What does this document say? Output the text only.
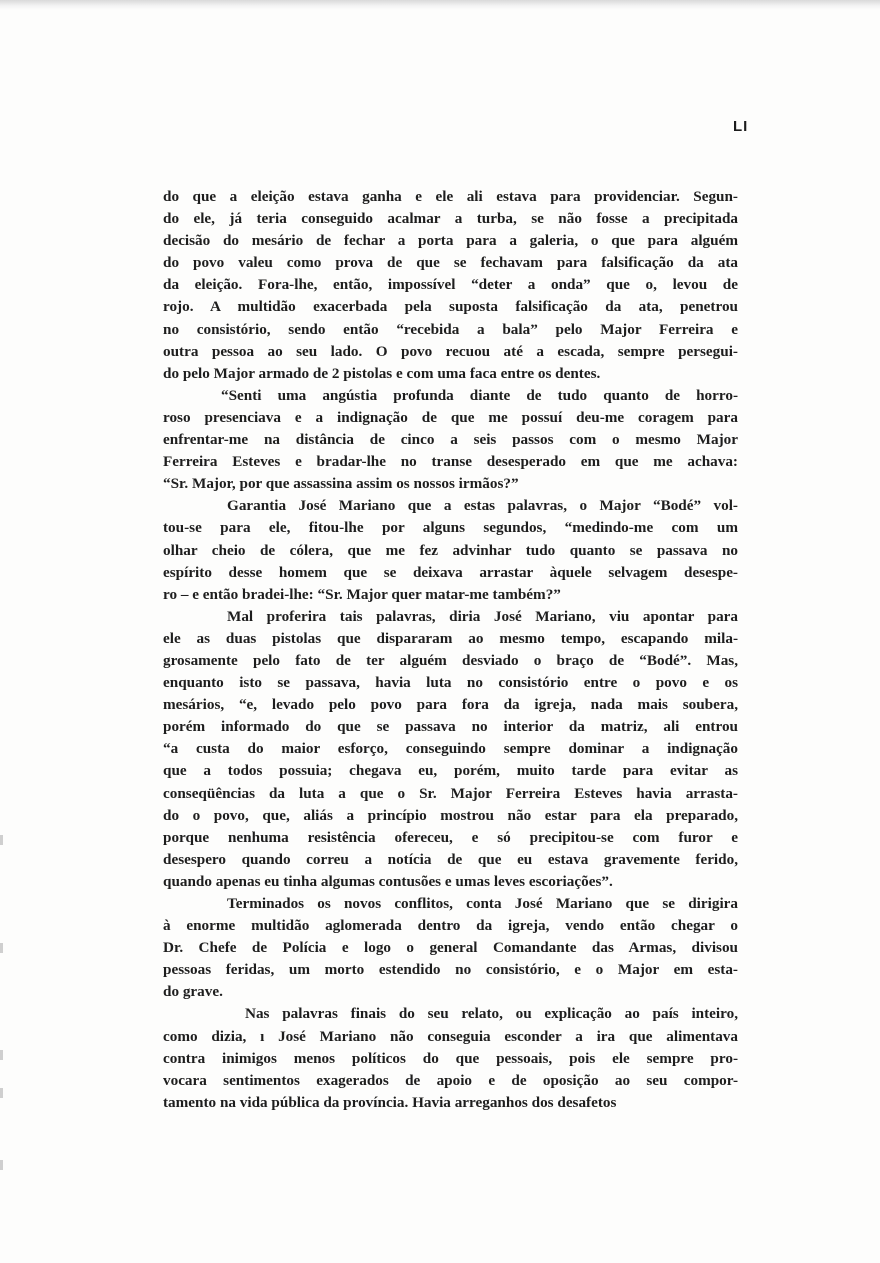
LI
do que a eleição estava ganha e ele ali estava para providenciar. Segun-
do ele, já teria conseguido acalmar a turba, se não fosse a precipitada
decisão do mesário de fechar a porta para a galeria, o que para alguém
do povo valeu como prova de que se fechavam para falsificação da ata
da eleição. Fora-lhe, então, impossível “deter a onda” que o, levou de
rojo. A multidão exacerbada pela suposta falsificação da ata, penetrou
no consistório, sendo então “recebida a bala” pelo Major Ferreira e
outra pessoa ao seu lado. O povo recuou até a escada, sempre persegui-
do pelo Major armado de 2 pistolas e com uma faca entre os dentes.
“Senti uma angústia profunda diante de tudo quanto de horro-
roso presenciava e a indignação de que me possuí deu-me coragem para
enfrentar-me na distância de cinco a seis passos com o mesmo Major
Ferreira Esteves e bradar-lhe no transe desesperado em que me achava:
“Sr. Major, por que assassina assim os nossos irmãos?”
Garantia José Mariano que a estas palavras, o Major “Bodé” vol-
tou-se para ele, fitou-lhe por alguns segundos, “medindo-me com um
olhar cheio de cólera, que me fez advinhar tudo quanto se passava no
espírito desse homem que se deixava arrastar àquele selvagem desespe-
ro – e então bradei-lhe: “Sr. Major quer matar-me também?”
Mal proferira tais palavras, diria José Mariano, viu apontar para
ele as duas pistolas que dispararam ao mesmo tempo, escapando mila-
grosamente pelo fato de ter alguém desviado o braço de “Bodé”. Mas,
enquanto isto se passava, havia luta no consistório entre o povo e os
mesários, “e, levado pelo povo para fora da igreja, nada mais soubera,
porém informado do que se passava no interior da matriz, ali entrou
“a custa do maior esforço, conseguindo sempre dominar a indignação
que a todos possuia; chegava eu, porém, muito tarde para evitar as
conseqüências da luta a que o Sr. Major Ferreira Esteves havia arrasta-
do o povo, que, aliás a princípio mostrou não estar para ela preparado,
porque nenhuma resistência ofereceu, e só precipitou-se com furor e
desespero quando correu a notícia de que eu estava gravemente ferido,
quando apenas eu tinha algumas contusões e umas leves escoriações”.
Terminados os novos conflitos, conta José Mariano que se dirigira
à enorme multidão aglomerada dentro da igreja, vendo então chegar o
Dr. Chefe de Polícia e logo o general Comandante das Armas, divisou
pessoas feridas, um morto estendido no consistório, e o Major em esta-
do grave.
Nas palavras finais do seu relato, ou explicação ao país inteiro,
como dizia, ı José Mariano não conseguia esconder a ira que alimentava
contra inimigos menos políticos do que pessoais, pois ele sempre pro-
vocara sentimentos exagerados de apoio e de oposição ao seu compor-
tamento na vida pública da província. Havia arreganhos dos desafetos
